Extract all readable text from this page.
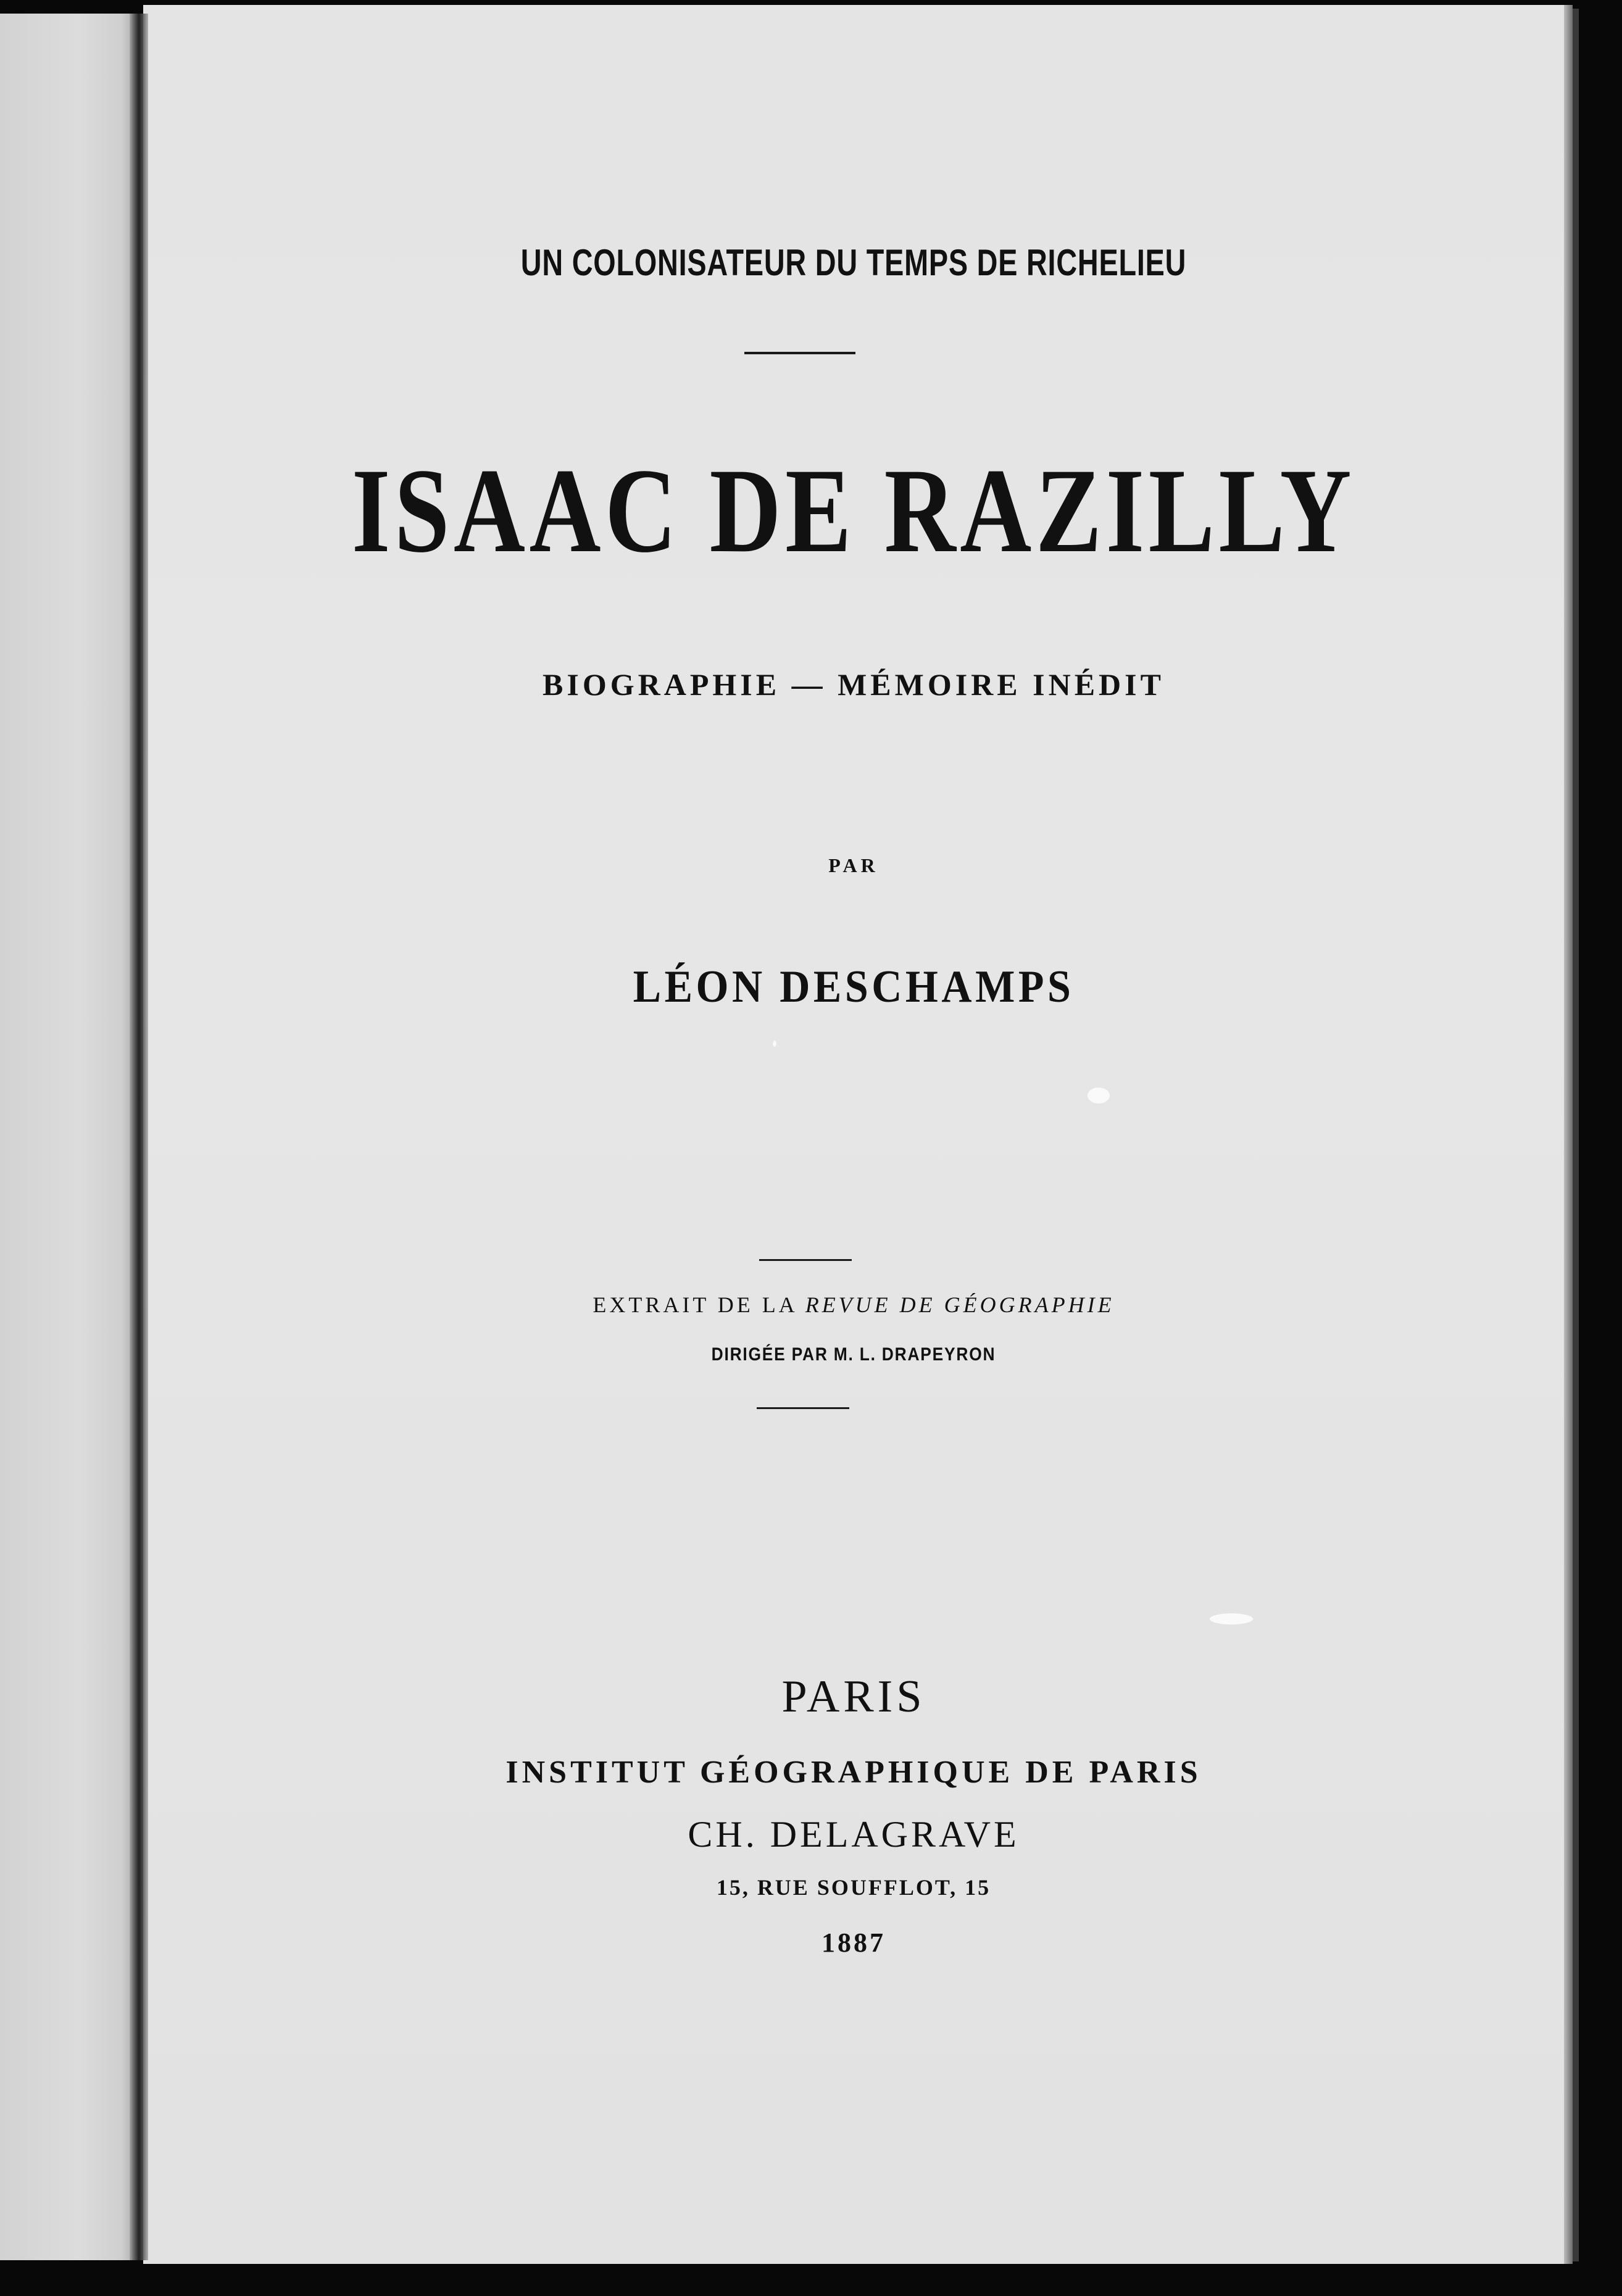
UN COLONISATEUR DU TEMPS DE RICHELIEU

ISAAC DE RAZILLY

BIOGRAPHIE — MÉMOIRE INÉDIT

PAR

LÉON DESCHAMPS

EXTRAIT DE LA REVUE DE GÉOGRAPHIE

DIRIGÉE PAR M. L. DRAPEYRON

PARIS

INSTITUT GÉOGRAPHIQUE DE PARIS

CH. DELAGRAVE

15, RUE SOUFFLOT, 15

1887
